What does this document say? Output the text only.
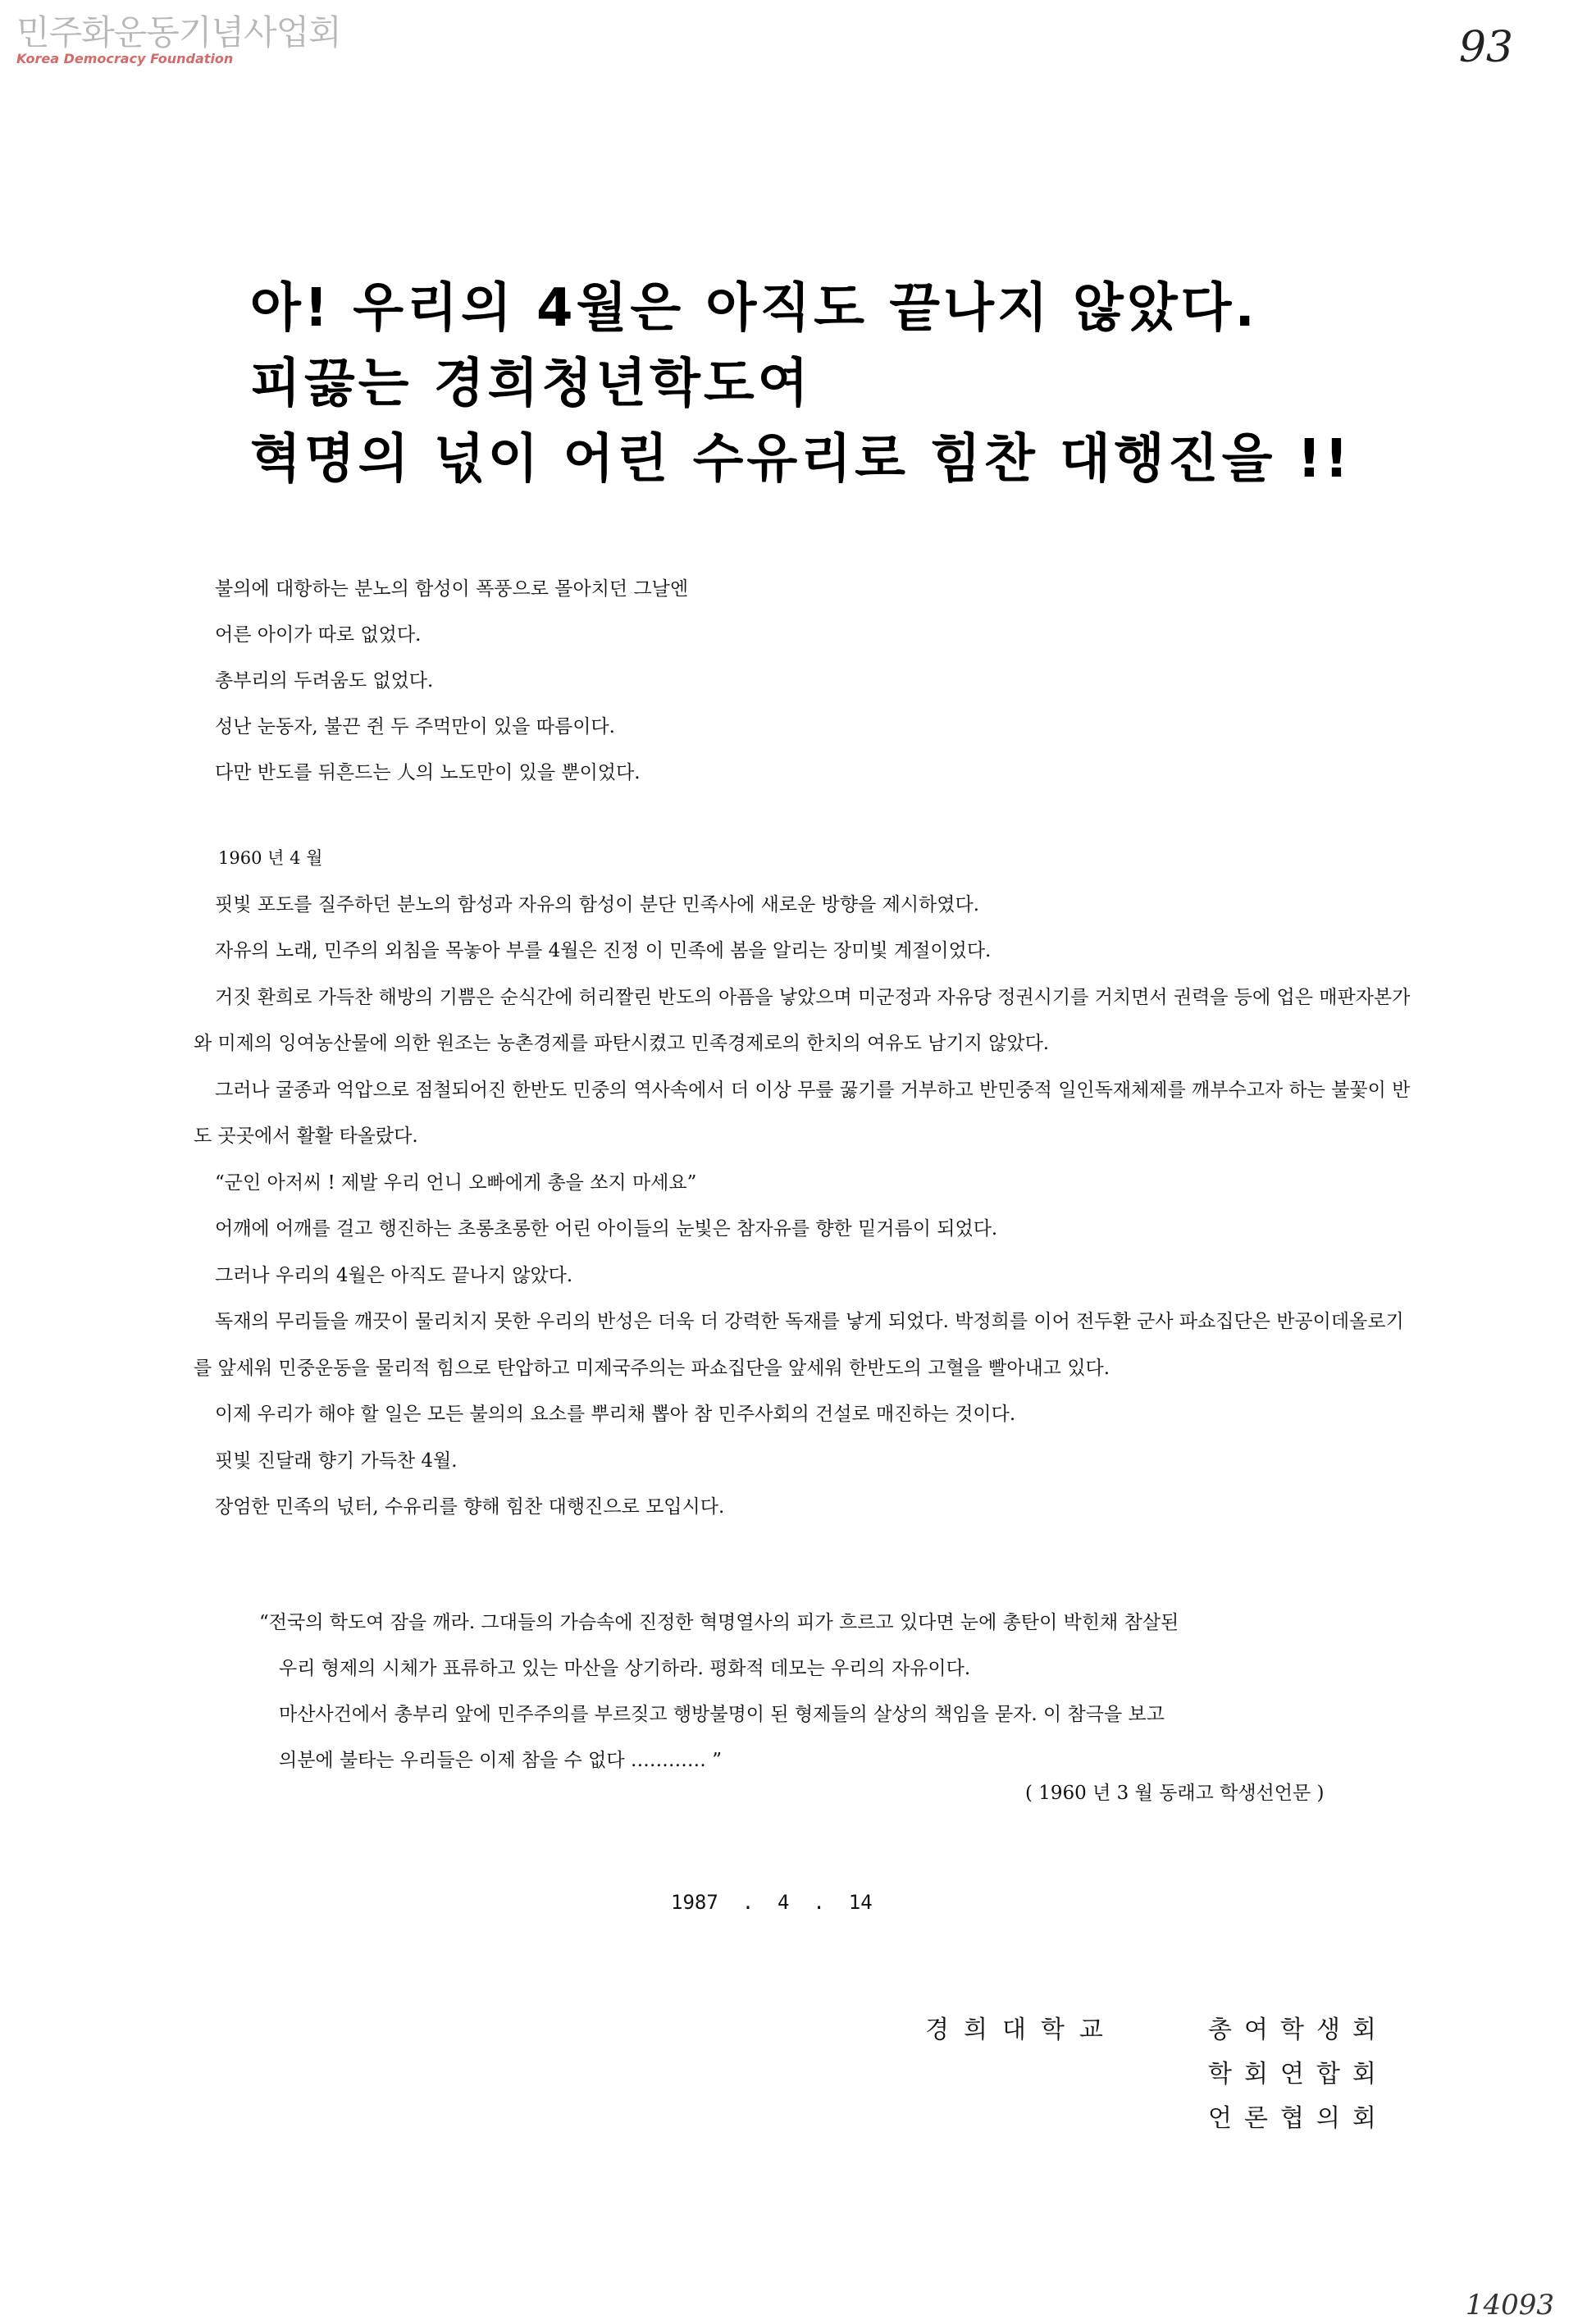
민주화운동기념사업회
Korea Democracy Foundation	93
아! 우리의 4월은 아직도 끝나지 않았다.
피끓는 경희청년학도여
혁명의 넋이 어린 수유리로 힘찬 대행진을 !!
불의에 대항하는 분노의 함성이 폭풍으로 몰아치던 그날엔
어른 아이가 따로 없었다.
총부리의 두려움도 없었다.
성난 눈동자, 불끈 쥔 두 주먹만이 있을 따름이다.
다만 반도를 뒤흔드는 人의 노도만이 있을 뿐이었다.

1960 년 4 월

핏빛 포도를 질주하던 분노의 함성과 자유의 함성이 분단 민족사에 새로운 방향을 제시하였다.

자유의 노래, 민주의 외침을 목놓아 부를 4월은 진정 이 민족에 봄을 알리는 장미빛 계절이었다.

거짓 환희로 가득찬 해방의 기쁨은 순식간에 허리짤린 반도의 아픔을 낳았으며 미군정과 자유당 정권시기를 거치면서 권력을 등에 업은 매판자본가와 미제의 잉여농산물에 의한 원조는 농촌경제를 파탄시켰고 민족경제로의 한치의 여유도 남기지 않았다.

그러나 굴종과 억압으로 점철되어진 한반도 민중의 역사속에서 더 이상 무릎 꿇기를 거부하고 반민중적 일인독재체제를 깨부수고자 하는 불꽃이 반도 곳곳에서 활활 타올랐다.

“군인 아저씨 ! 제발 우리 언니 오빠에게 총을 쏘지 마세요”

어깨에 어깨를 걸고 행진하는 초롱초롱한 어린 아이들의 눈빛은 참자유를 향한 밑거름이 되었다.

그러나 우리의 4월은 아직도 끝나지 않았다.

독재의 무리들을 깨끗이 물리치지 못한 우리의 반성은 더욱 더 강력한 독재를 낳게 되었다. 박정희를 이어 전두환 군사 파쇼집단은 반공이데올로기를 앞세워 민중운동을 물리적 힘으로 탄압하고 미제국주의는 파쇼집단을 앞세워 한반도의 고혈을 빨아내고 있다.

이제 우리가 해야 할 일은 모든 불의의 요소를 뿌리채 뽑아 참 민주사회의 건설로 매진하는 것이다.

핏빛 진달래 향기 가득찬 4월.

장엄한 민족의 넋터, 수유리를 향해 힘찬 대행진으로 모입시다.

“전국의 학도여 잠을 깨라. 그대들의 가슴속에 진정한 혁명열사의 피가 흐르고 있다면 눈에 총탄이 박힌채 참살된

우리 형제의 시체가 표류하고 있는 마산을 상기하라. 평화적 데모는 우리의 자유이다.

마산사건에서 총부리 앞에 민주주의를 부르짖고 행방불명이 된 형제들의 살상의 책임을 묻자. 이 참극을 보고

의분에 불타는 우리들은 이제 참을 수 없다 ………… ”

( 1960 년 3 월 동래고 학생선언문 )
1987  .  4  .  14
경희대학교	총여학생회
학회연합회
언론협의회
14093
